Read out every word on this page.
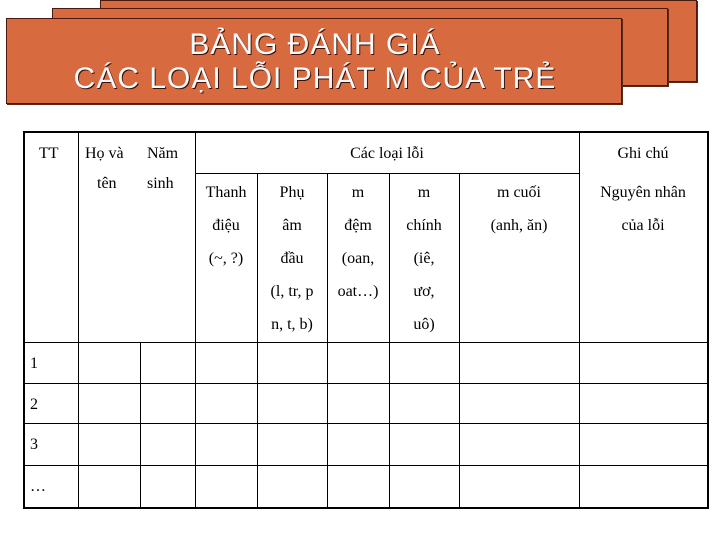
BẢNG ĐÁNH GIÁ
CÁC LOẠI LỖI PHÁT M CỦA TRẺ
TT Họ và
tên
Năm
sinh
Các loại lỗi	Ghi chú
Thanh
điệu
(~, ?)
Phụ
âm
đầu
(l, tr, p
n, t, b)
m
đệm
(oan,
oat…)
m
chính
(iê,
ươ,
uô)
m cuối
(anh, ăn)
Nguyên nhân
của lỗi
1
2
3
…
